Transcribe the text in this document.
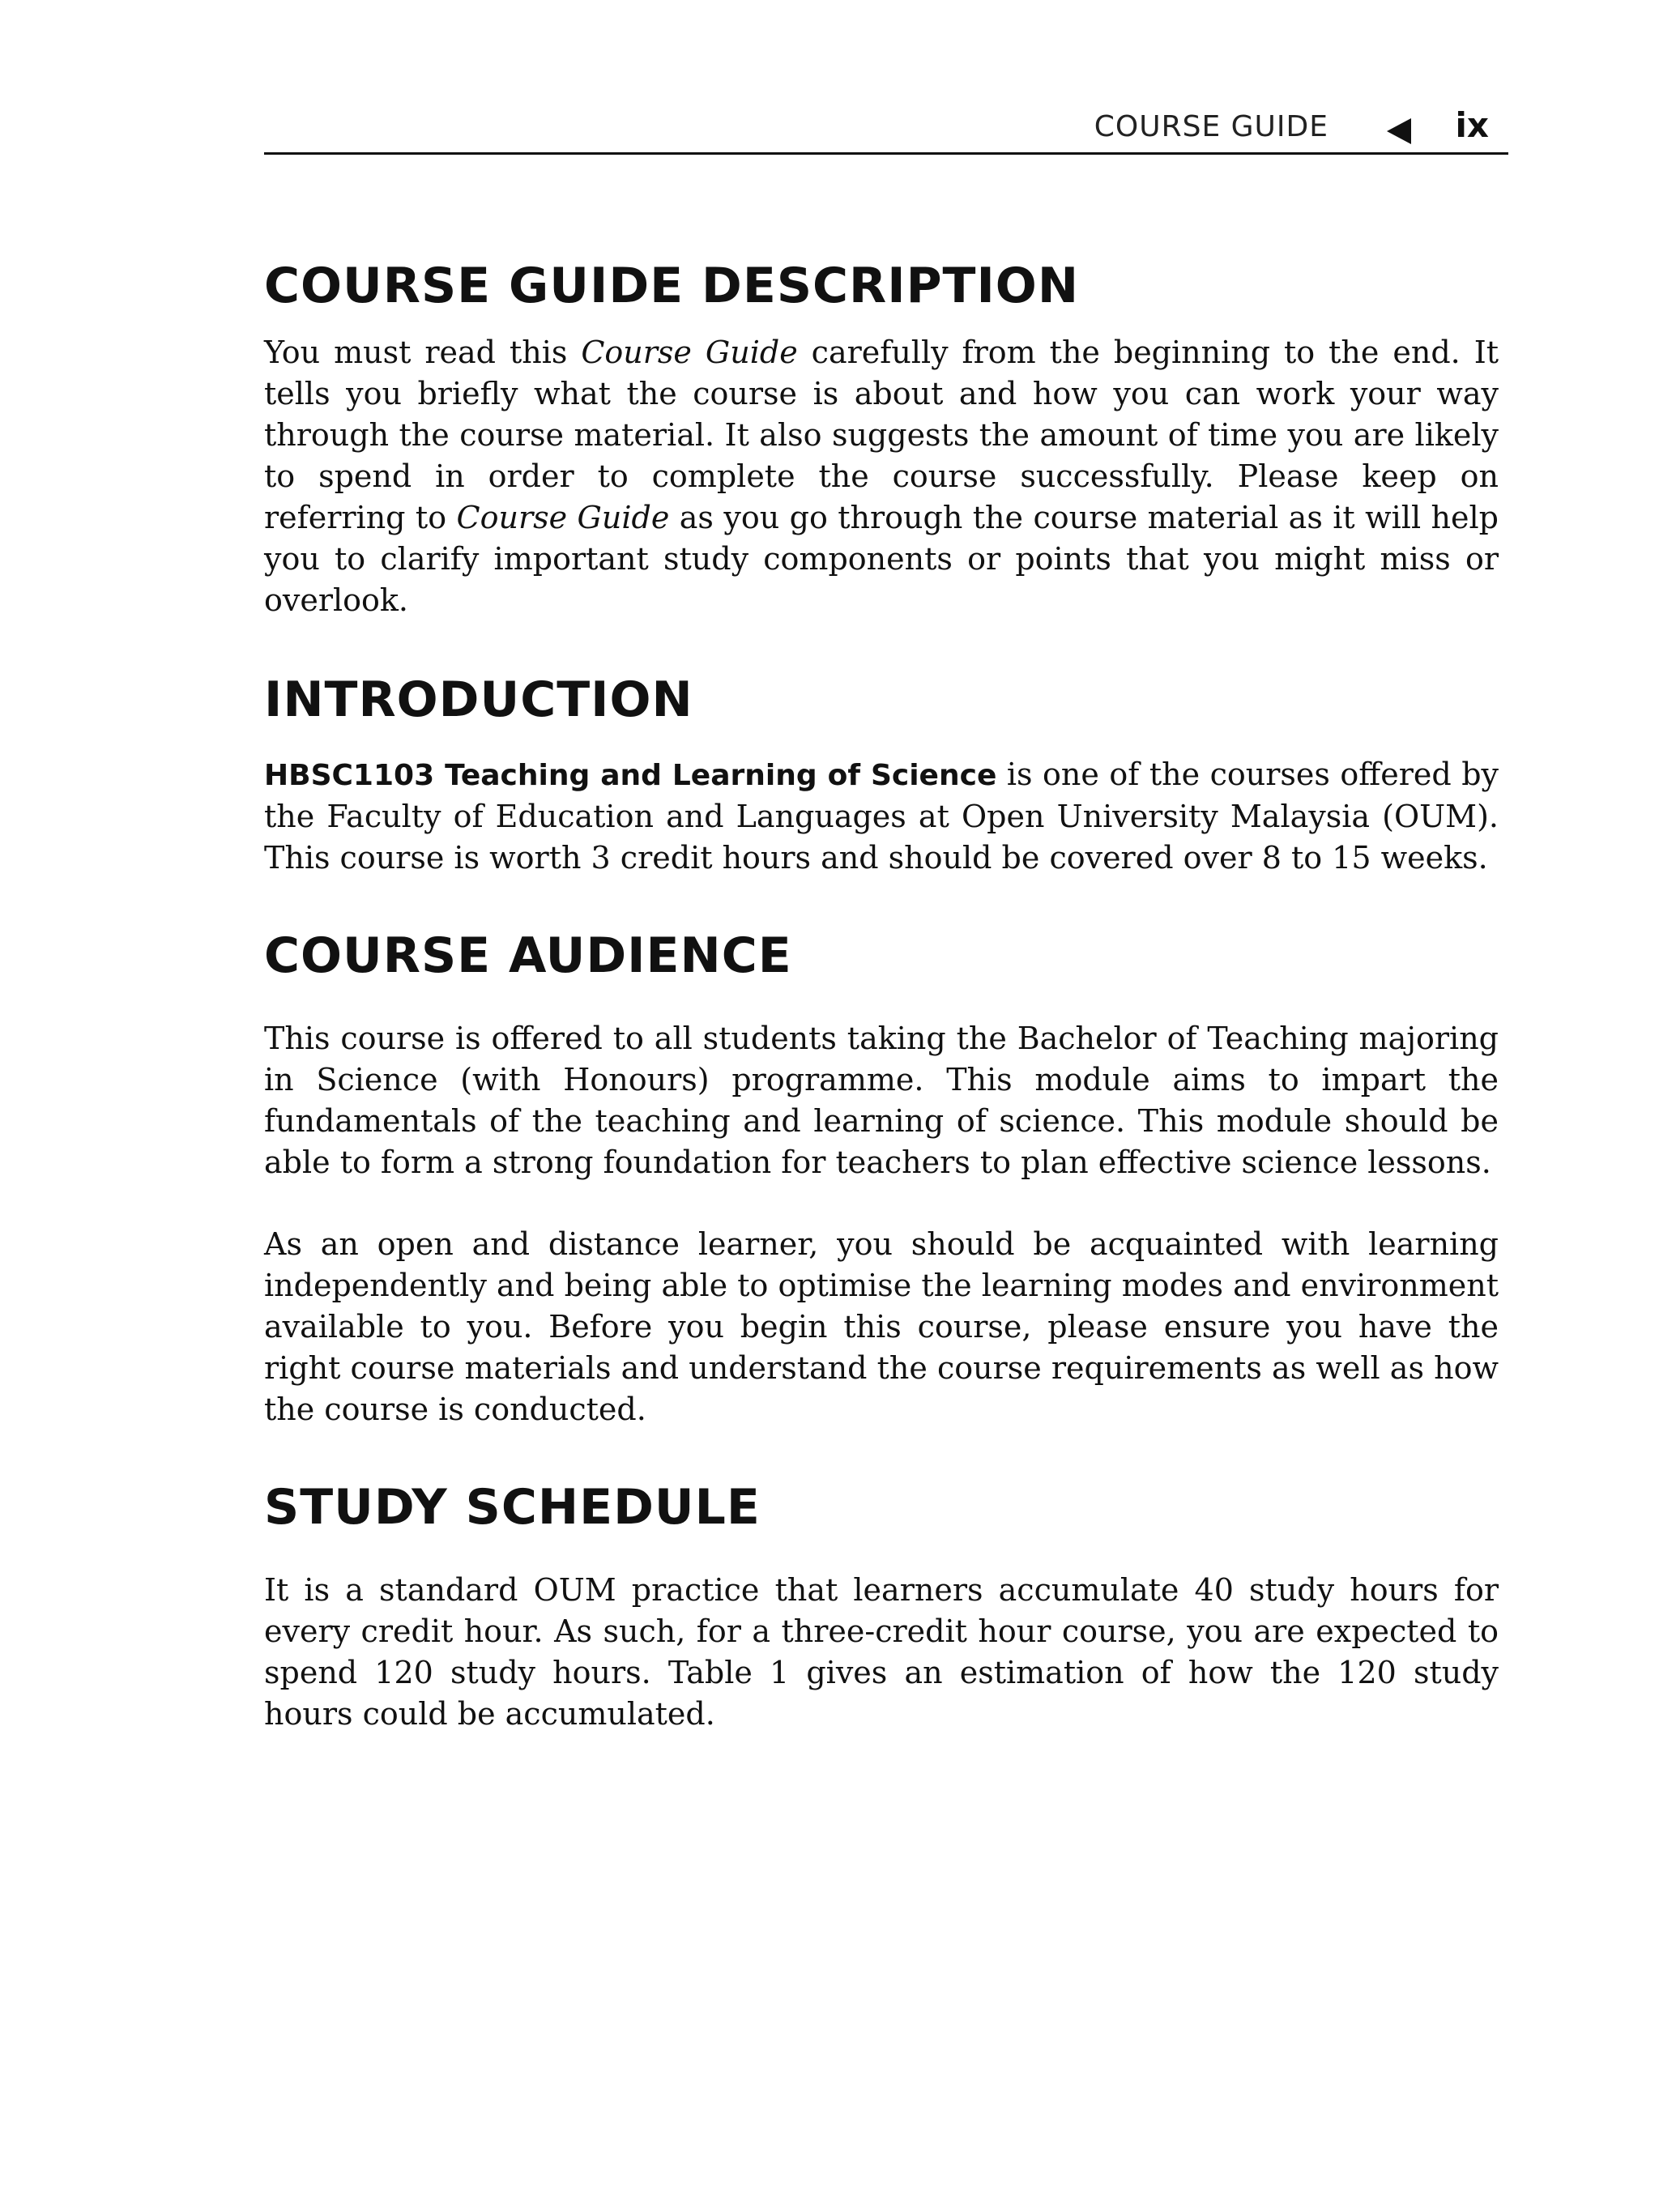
COURSE GUIDE	ix
COURSE GUIDE DESCRIPTION

You must read this Course Guide carefully from the beginning to the end. It tells you briefly what the course is about and how you can work your way through the course material. It also suggests the amount of time you are likely to spend in order to complete the course successfully. Please keep on referring to Course Guide as you go through the course material as it will help you to clarify important study components or points that you might miss or overlook.

INTRODUCTION

HBSC1103 Teaching and Learning of Science is one of the courses offered by the Faculty of Education and Languages at Open University Malaysia (OUM). This course is worth 3 credit hours and should be covered over 8 to 15 weeks.

COURSE AUDIENCE

This course is offered to all students taking the Bachelor of Teaching majoring in Science (with Honours) programme. This module aims to impart the fundamentals of the teaching and learning of science. This module should be able to form a strong foundation for teachers to plan effective science lessons.

As an open and distance learner, you should be acquainted with learning independently and being able to optimise the learning modes and environment available to you. Before you begin this course, please ensure you have the right course materials and understand the course requirements as well as how the course is conducted.

STUDY SCHEDULE

It is a standard OUM practice that learners accumulate 40 study hours for every credit hour. As such, for a three-credit hour course, you are expected to spend 120 study hours. Table 1 gives an estimation of how the 120 study hours could be accumulated.
